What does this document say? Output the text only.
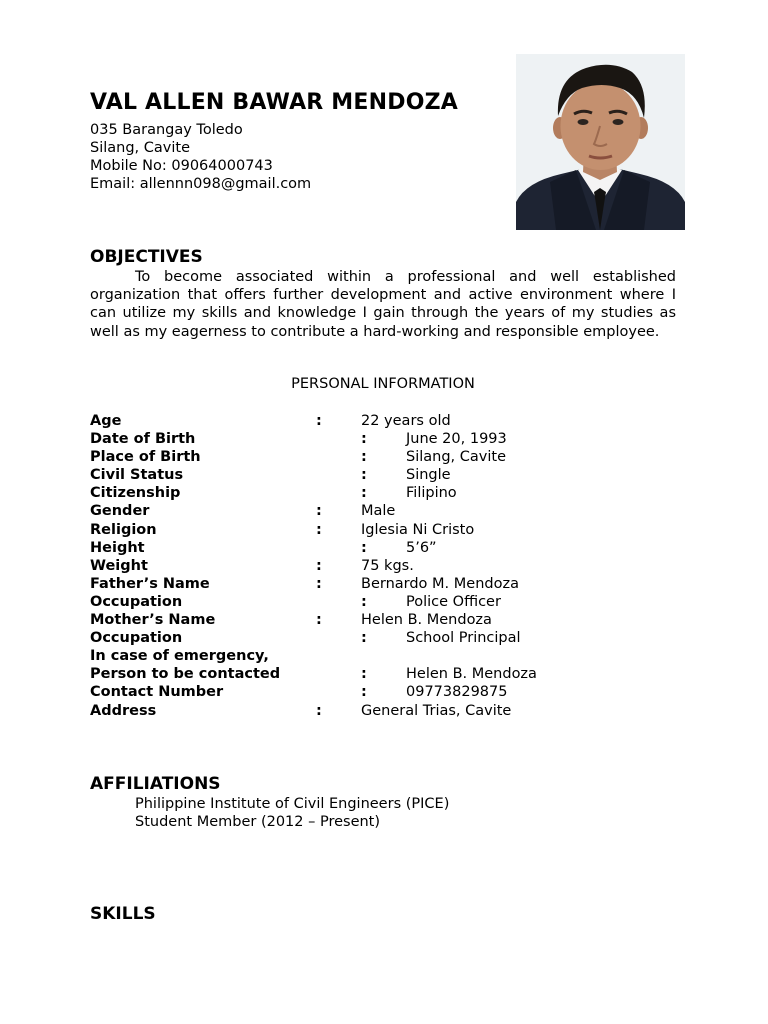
VAL ALLEN BAWAR MENDOZA
035 Barangay Toledo
Silang, Cavite
Mobile No: 09064000743
Email: allennn098@gmail.com
OBJECTIVES

To become associated within a professional and well established organization that offers further development and active environment where I can utilize my skills and knowledge I gain through the years of my studies as well as my eagerness to contribute a hard-working and responsible employee.

PERSONAL INFORMATION
Age	:	22 years old
Date of Birth	:	June 20, 1993
Place of Birth	:	Silang, Cavite
Civil Status	:	Single
Citizenship	:	Filipino
Gender	:	Male
Religion	:	Iglesia Ni Cristo
Height	:	5’6”
Weight	:	75 kgs.
Father’s Name	:	Bernardo M. Mendoza
Occupation	:	Police Officer
Mother’s Name	:	Helen B. Mendoza
Occupation	:	School Principal
In case of emergency,
Person to be contacted	:	Helen B. Mendoza
Contact Number	:	09773829875
Address	:	General Trias, Cavite
AFFILIATIONS
Philippine Institute of Civil Engineers (PICE)
Student Member (2012 – Present)
SKILLS
